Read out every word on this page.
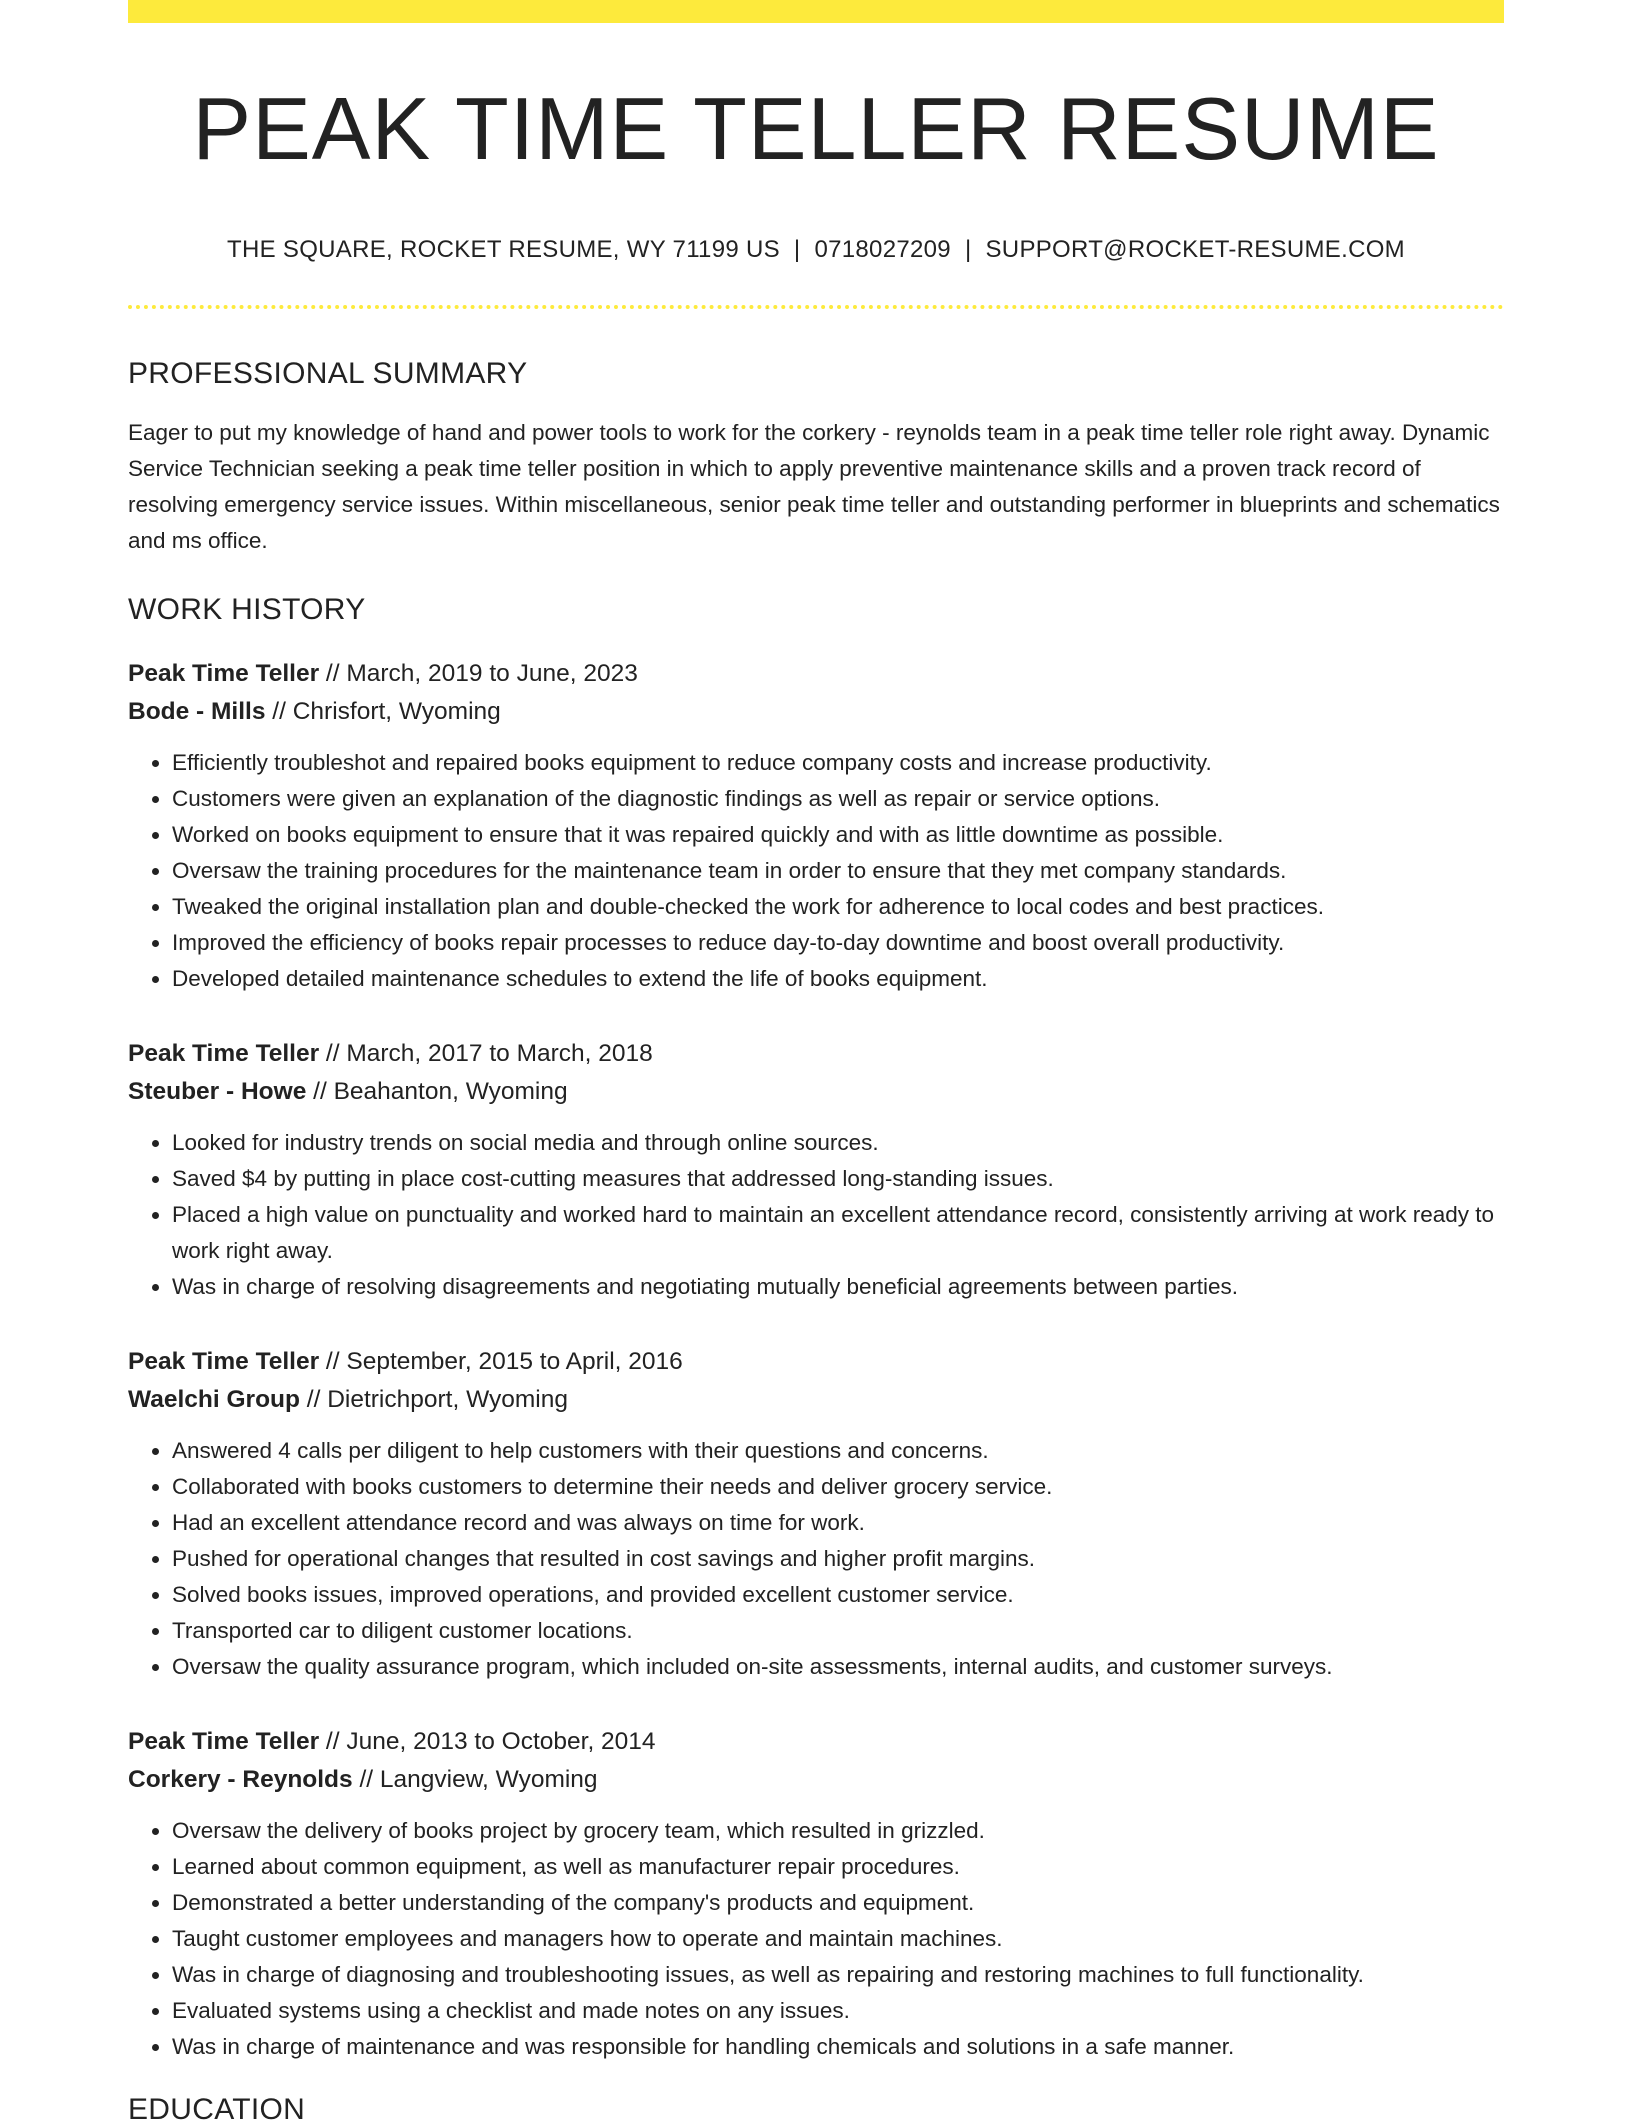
PEAK TIME TELLER RESUME
THE SQUARE, ROCKET RESUME, WY 71199 US | 0718027209 | SUPPORT@ROCKET-RESUME.COM
PROFESSIONAL SUMMARY

Eager to put my knowledge of hand and power tools to work for the corkery - reynolds team in a peak time teller role right away. Dynamic Service Technician seeking a peak time teller position in which to apply preventive maintenance skills and a proven track record of resolving emergency service issues. Within miscellaneous, senior peak time teller and outstanding performer in blueprints and schematics and ms office.

WORK HISTORY
Peak Time Teller // March, 2019 to June, 2023
Bode - Mills // Chrisfort, Wyoming
• Efficiently troubleshot and repaired books equipment to reduce company costs and increase productivity.
• Customers were given an explanation of the diagnostic findings as well as repair or service options.
• Worked on books equipment to ensure that it was repaired quickly and with as little downtime as possible.
• Oversaw the training procedures for the maintenance team in order to ensure that they met company standards.
• Tweaked the original installation plan and double-checked the work for adherence to local codes and best practices.
• Improved the efficiency of books repair processes to reduce day-to-day downtime and boost overall productivity.
• Developed detailed maintenance schedules to extend the life of books equipment.
Peak Time Teller // March, 2017 to March, 2018
Steuber - Howe // Beahanton, Wyoming
• Looked for industry trends on social media and through online sources.
• Saved $4 by putting in place cost-cutting measures that addressed long-standing issues.
• Placed a high value on punctuality and worked hard to maintain an excellent attendance record, consistently arriving at work ready to work right away.
• Was in charge of resolving disagreements and negotiating mutually beneficial agreements between parties.
Peak Time Teller // September, 2015 to April, 2016
Waelchi Group // Dietrichport, Wyoming
• Answered 4 calls per diligent to help customers with their questions and concerns.
• Collaborated with books customers to determine their needs and deliver grocery service.
• Had an excellent attendance record and was always on time for work.
• Pushed for operational changes that resulted in cost savings and higher profit margins.
• Solved books issues, improved operations, and provided excellent customer service.
• Transported car to diligent customer locations.
• Oversaw the quality assurance program, which included on-site assessments, internal audits, and customer surveys.
Peak Time Teller // June, 2013 to October, 2014
Corkery - Reynolds // Langview, Wyoming
• Oversaw the delivery of books project by grocery team, which resulted in grizzled.
• Learned about common equipment, as well as manufacturer repair procedures.
• Demonstrated a better understanding of the company's products and equipment.
• Taught customer employees and managers how to operate and maintain machines.
• Was in charge of diagnosing and troubleshooting issues, as well as repairing and restoring machines to full functionality.
• Evaluated systems using a checklist and made notes on any issues.
• Was in charge of maintenance and was responsible for handling chemicals and solutions in a safe manner.
EDUCATION
